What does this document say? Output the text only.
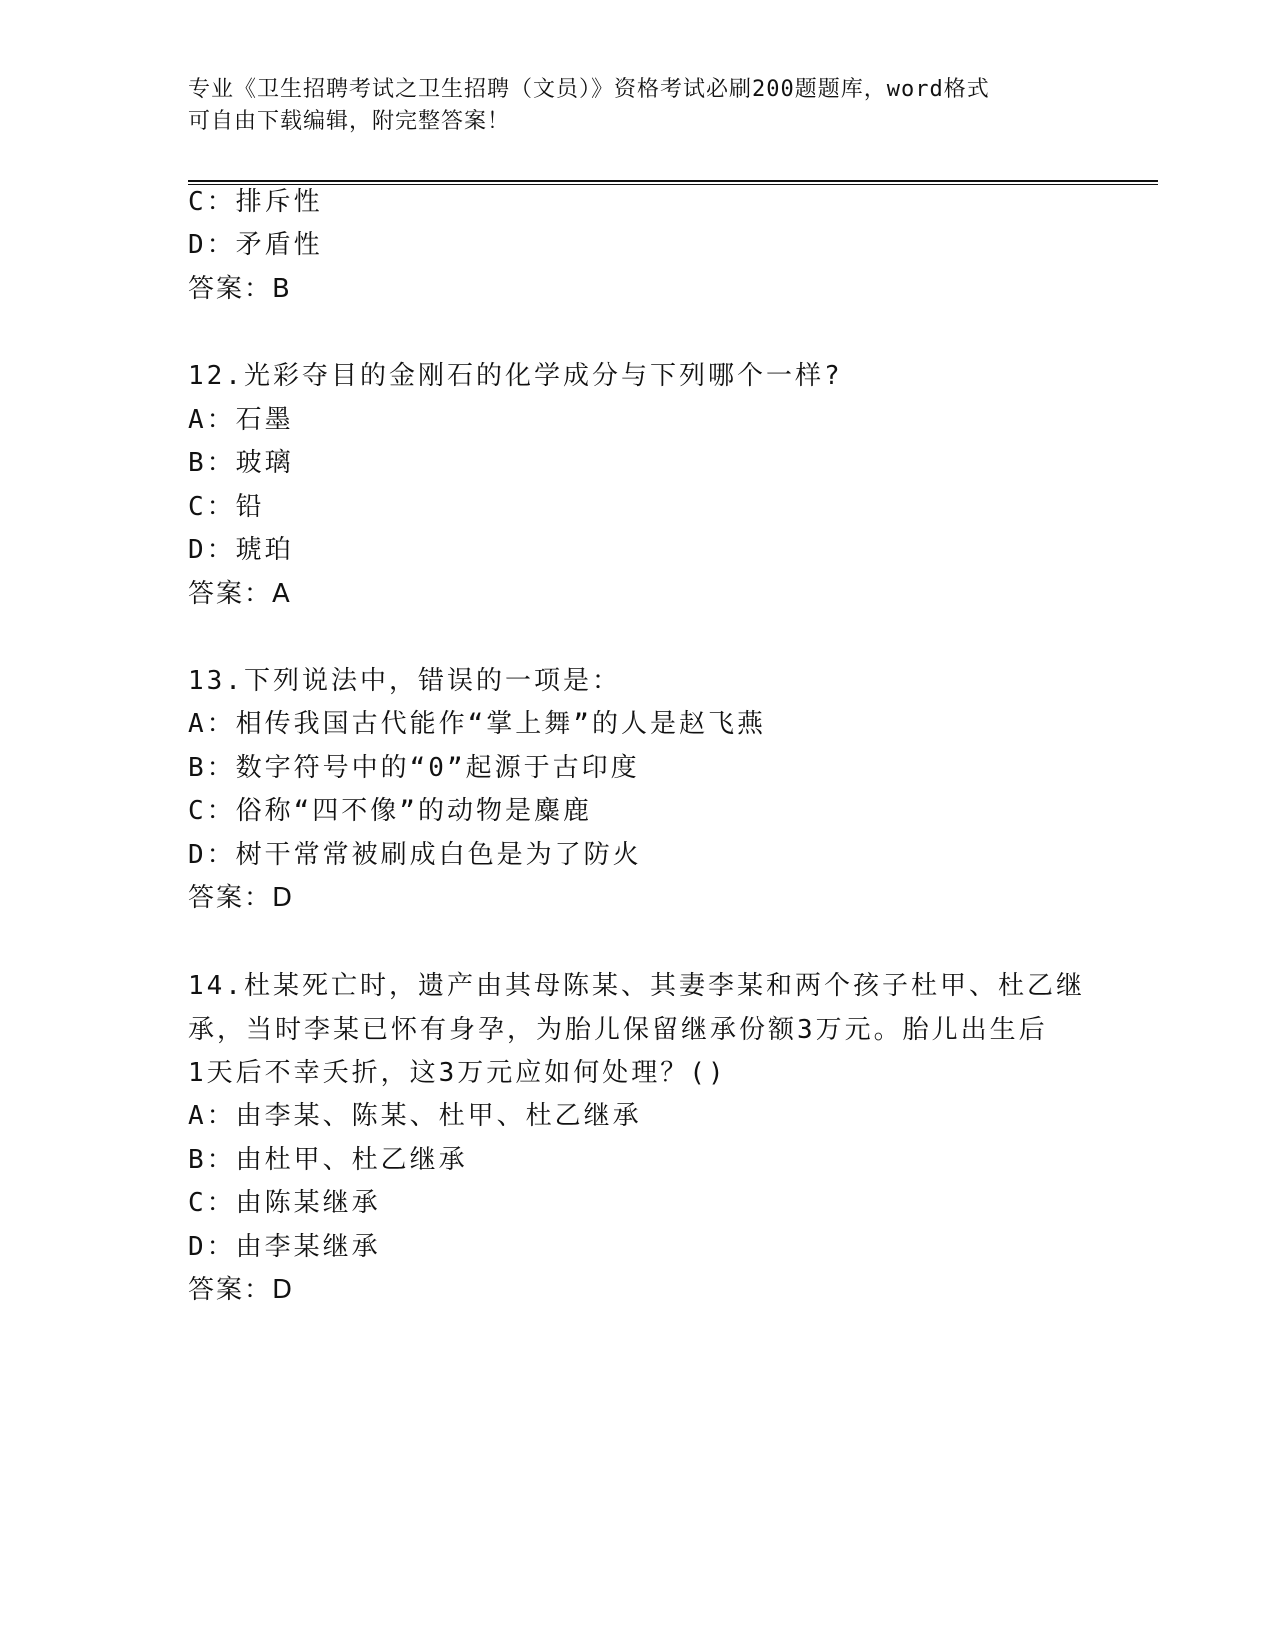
专业《卫生招聘考试之卫生招聘（文员）》资格考试必刷200题题库，word格式
可自由下载编辑，附完整答案！
C：排斥性
D：矛盾性
答案：B
12.光彩夺目的金刚石的化学成分与下列哪个一样?
A：石墨
B：玻璃
C：铅
D：琥珀
答案：A
13.下列说法中，错误的一项是：
A：相传我国古代能作“掌上舞”的人是赵飞燕
B：数字符号中的“0”起源于古印度
C：俗称“四不像”的动物是麋鹿
D：树干常常被刷成白色是为了防火
答案：D
14.杜某死亡时，遗产由其母陈某、其妻李某和两个孩子杜甲、杜乙继
承，当时李某已怀有身孕，为胎儿保留继承份额3万元。胎儿出生后
1天后不幸夭折，这3万元应如何处理？()
A：由李某、陈某、杜甲、杜乙继承
B：由杜甲、杜乙继承
C：由陈某继承
D：由李某继承
答案：D
